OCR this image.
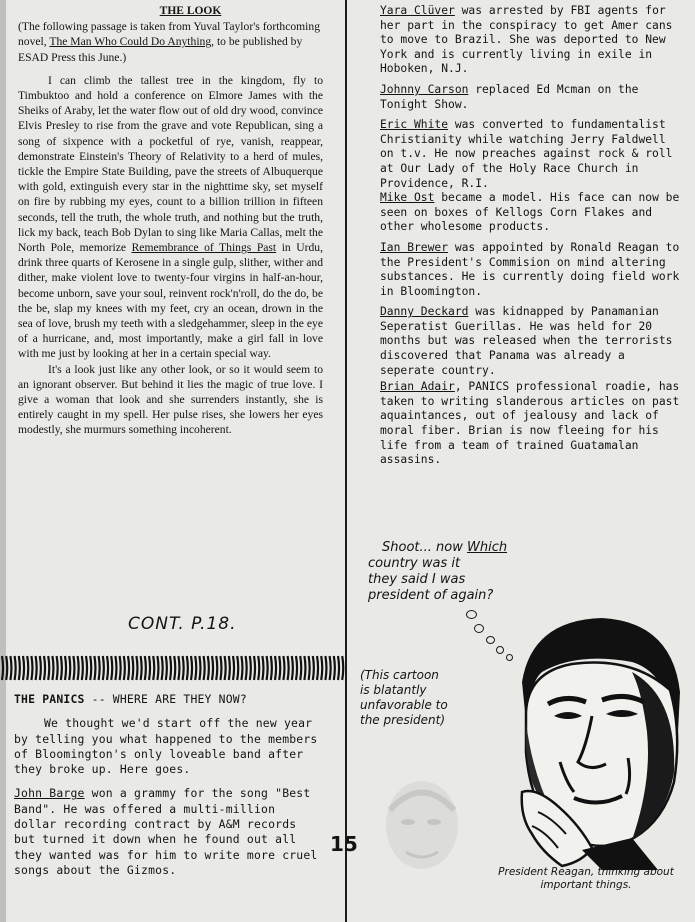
THE LOOK

(The following passage is taken from Yuval Taylor's forthcoming novel, The Man Who Could Do Anything, to be published by ESAD Press this June.)

I can climb the tallest tree in the kingdom, fly to Timbuktoo and hold a conference on Elmore James with the Sheiks of Araby, let the water flow out of old dry wood, convince Elvis Presley to rise from the grave and vote Republican, sing a song of sixpence with a pocketful of rye, vanish, reappear, demonstrate Einstein's Theory of Relativity to a herd of mules, tickle the Empire State Building, pave the streets of Albuquerque with gold, extinguish every star in the nighttime sky, set myself on fire by rubbing my eyes, count to a billion trillion in fifteen seconds, tell the truth, the whole truth, and nothing but the truth, lick my back, teach Bob Dylan to sing like Maria Callas, melt the North Pole, memorize Remembrance of Things Past in Urdu, drink three quarts of Kerosene in a single gulp, slither, wither and dither, make violent love to twenty-four virgins in half-an-hour, become unborn, save your soul, reinvent rock'n'roll, do the do, be the be, slap my knees with my feet, cry an ocean, drown in the sea of love, brush my teeth with a sledgehammer, sleep in the eye of a hurricane, and, most importantly, make a girl fall in love with me just by looking at her in a certain special way.

It's a look just like any other look, or so it would seem to an ignorant observer. But behind it lies the magic of true love. I give a woman that look and she surrenders instantly, she is entirely caught in my spell. Her pulse rises, she lowers her eyes modestly, she murmurs something incoherent.

CONT. P.18.

THE PANICS -- WHERE ARE THEY NOW?

We thought we'd start off the new year by telling you what happened to the members of Bloomington's only loveable band after they broke up. Here goes.

John Barge won a grammy for the song "Best Band". He was offered a multi-million dollar recording contract by A&M records but turned it down when he found out all they wanted was for him to write more cruel songs about the Gizmos.

15

Yara Clüver was arrested by FBI agents for her part in the conspiracy to get Amer cans to move to Brazil. She was deported to New York and is currently living in exile in Hoboken, N.J.

Johnny Carson replaced Ed Mcman on the Tonight Show.

Eric White was converted to fundamentalist Christianity while watching Jerry Faldwell on t.v. He now preaches against rock & roll at Our Lady of the Holy Race Church in Providence, R.I.

Mike Ost became a model. His face can now be seen on boxes of Kellogs Corn Flakes and other wholesome products.

Ian Brewer was appointed by Ronald Reagan to the President's Commision on mind altering substances. He is currently doing field work in Bloomington.

Danny Deckard was kidnapped by Panamanian Seperatist Guerillas. He was held for 20 months but was released when the terrorists discovered that Panama was already a seperate country.

Brian Adair, PANICS professional roadie, has taken to writing slanderous articles on past aquaintances, out of jealousy and lack of moral fiber. Brian is now fleeing for his life from a team of trained Guatamalan assasins.

Shoot... now Which
country was it
they said I was
president of again?
(This cartoon is blatantly unfavorable to the president)
President Reagan, thinking about important things.
